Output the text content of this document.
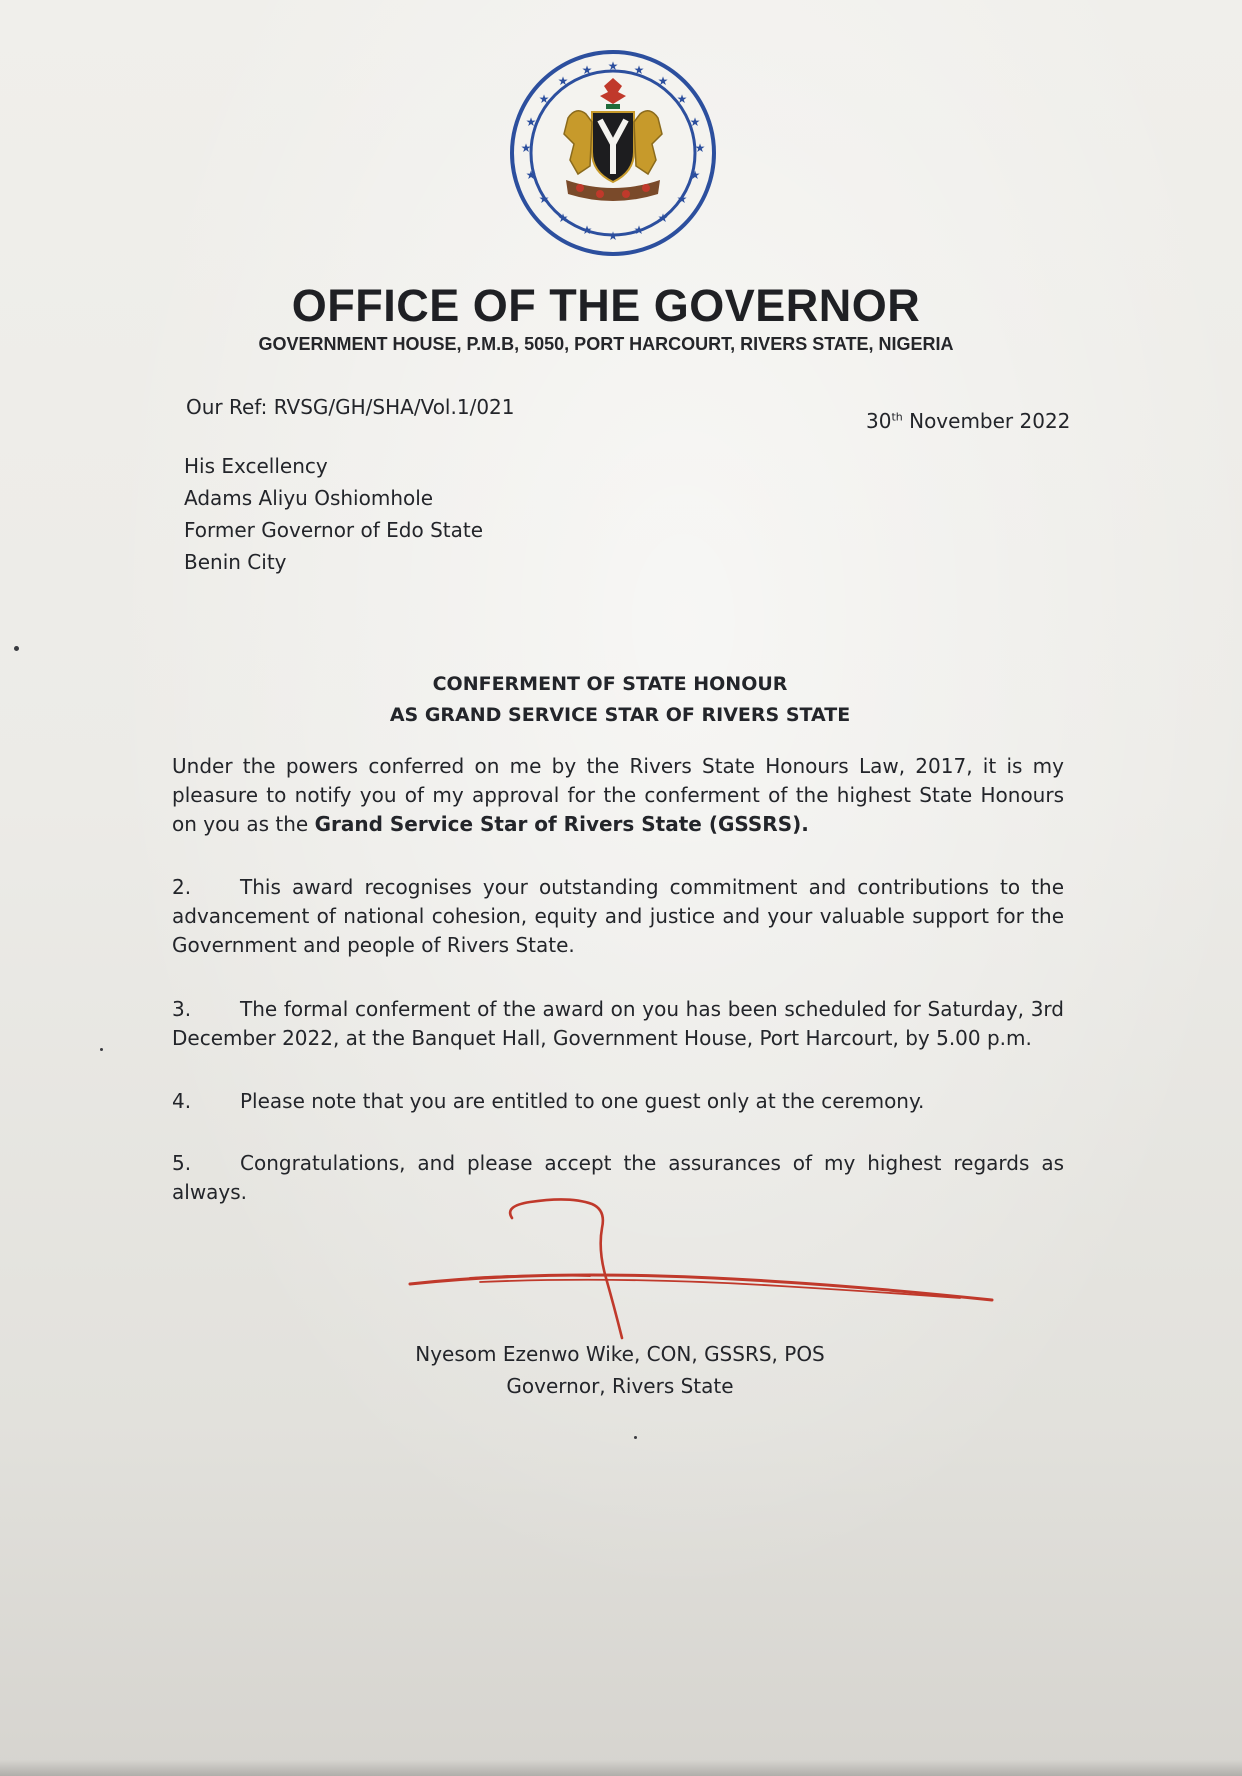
★ ★
★
★
★
★
★
★
★
★
★
★
★
★
★
★
★
★
★
★
OFFICE OF THE GOVERNOR
GOVERNMENT HOUSE, P.M.B, 5050, PORT HARCOURT, RIVERS STATE, NIGERIA
Our Ref: RVSG/GH/SHA/Vol.1/021
30th November 2022
His Excellency
Adams Aliyu Oshiomhole
Former Governor of Edo State
Benin City
CONFERMENT OF STATE HONOUR
AS GRAND SERVICE STAR OF RIVERS STATE
Under the powers conferred on me by the Rivers State Honours Law, 2017, it is my pleasure to notify you of my approval for the conferment of the highest State Honours on you as the Grand Service Star of Rivers State (GSSRS).
2. This award recognises your outstanding commitment and contributions to the advancement of national cohesion, equity and justice and your valuable support for the Government and people of Rivers State.
3. The formal conferment of the award on you has been scheduled for Saturday, 3rd December 2022, at the Banquet Hall, Government House, Port Harcourt, by 5.00 p.m.
4. Please note that you are entitled to one guest only at the ceremony.
5. Congratulations, and please accept the assurances of my highest regards as always.
Nyesom Ezenwo Wike, CON, GSSRS, POS
Governor, Rivers State
